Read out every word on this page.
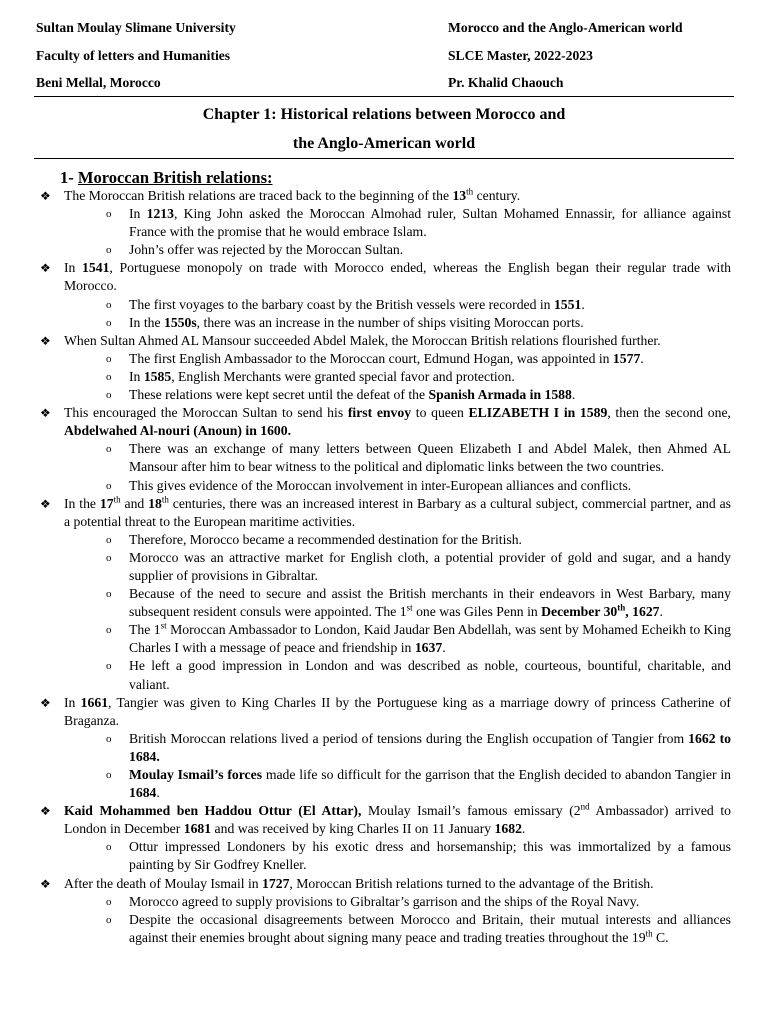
Sultan Moulay Slimane University
Faculty of letters and Humanities
Beni Mellal, Morocco
Morocco and the Anglo-American world
SLCE Master, 2022-2023
Pr. Khalid Chaouch
Chapter 1: Historical relations between Morocco and
the Anglo-American world
1- Moroccan British relations:
❖ The Moroccan British relations are traced back to the beginning of the 13th century.
o In 1213, King John asked the Moroccan Almohad ruler, Sultan Mohamed Ennassir, for alliance against France with the promise that he would embrace Islam.
o John’s offer was rejected by the Moroccan Sultan.
❖ In 1541, Portuguese monopoly on trade with Morocco ended, whereas the English began their regular trade with Morocco.
o The first voyages to the barbary coast by the British vessels were recorded in 1551.
o In the 1550s, there was an increase in the number of ships visiting Moroccan ports.
❖ When Sultan Ahmed AL Mansour succeeded Abdel Malek, the Moroccan British relations flourished further.
o The first English Ambassador to the Moroccan court, Edmund Hogan, was appointed in 1577.
o In 1585, English Merchants were granted special favor and protection.
o These relations were kept secret until the defeat of the Spanish Armada in 1588.
❖ This encouraged the Moroccan Sultan to send his first envoy to queen ELIZABETH I in 1589, then the second one, Abdelwahed Al-nouri (Anoun) in 1600.
o There was an exchange of many letters between Queen Elizabeth I and Abdel Malek, then Ahmed AL Mansour after him to bear witness to the political and diplomatic links between the two countries.
o This gives evidence of the Moroccan involvement in inter-European alliances and conflicts.
❖ In the 17th and 18th centuries, there was an increased interest in Barbary as a cultural subject, commercial partner, and as a potential threat to the European maritime activities.
o Therefore, Morocco became a recommended destination for the British.
o Morocco was an attractive market for English cloth, a potential provider of gold and sugar, and a handy supplier of provisions in Gibraltar.
o Because of the need to secure and assist the British merchants in their endeavors in West Barbary, many subsequent resident consuls were appointed. The 1st one was Giles Penn in December 30th, 1627.
o The 1st Moroccan Ambassador to London, Kaid Jaudar Ben Abdellah, was sent by Mohamed Echeikh to King Charles I with a message of peace and friendship in 1637.
o He left a good impression in London and was described as noble, courteous, bountiful, charitable, and valiant.
❖ In 1661, Tangier was given to King Charles II by the Portuguese king as a marriage dowry of princess Catherine of Braganza.
o British Moroccan relations lived a period of tensions during the English occupation of Tangier from 1662 to 1684.
o Moulay Ismail’s forces made life so difficult for the garrison that the English decided to abandon Tangier in 1684.
❖ Kaid Mohammed ben Haddou Ottur (El Attar), Moulay Ismail’s famous emissary (2nd Ambassador) arrived to London in December 1681 and was received by king Charles II on 11 January 1682.
o Ottur impressed Londoners by his exotic dress and horsemanship; this was immortalized by a famous painting by Sir Godfrey Kneller.
❖ After the death of Moulay Ismail in 1727, Moroccan British relations turned to the advantage of the British.
o Morocco agreed to supply provisions to Gibraltar’s garrison and the ships of the Royal Navy.
o Despite the occasional disagreements between Morocco and Britain, their mutual interests and alliances against their enemies brought about signing many peace and trading treaties throughout the 19th C.
